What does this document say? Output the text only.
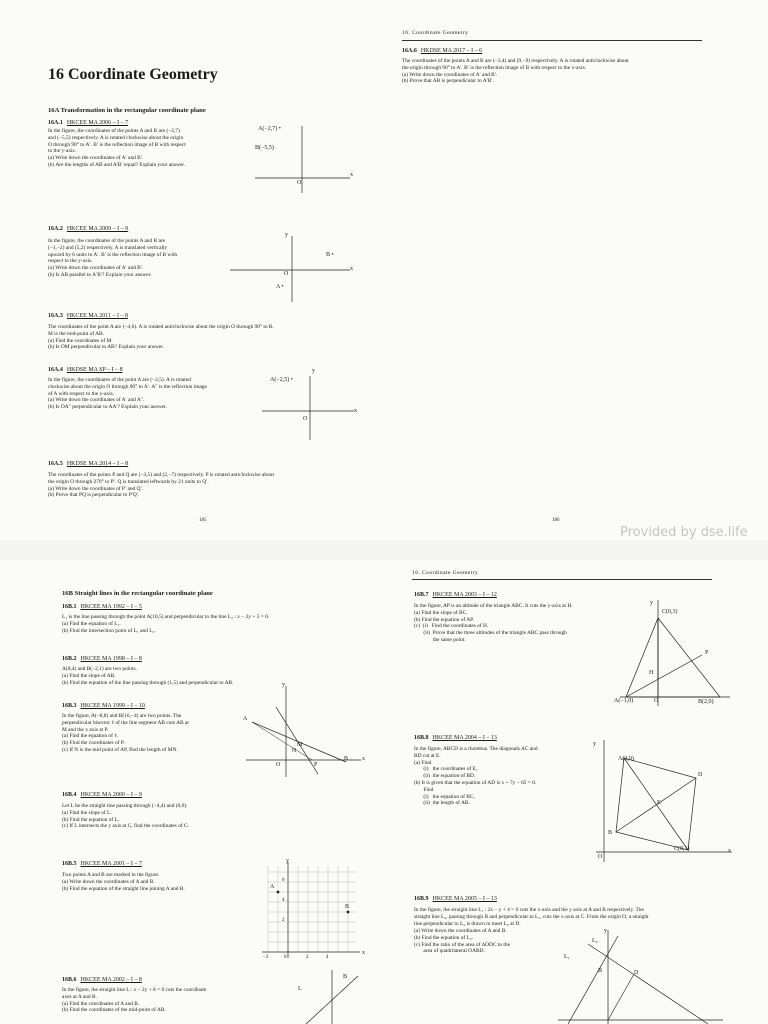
16 Coordinate Geometry
16A Transformation in the rectangular coordinate plane
16A.1 HKCEE MA 2006 – I – 7
In the figure, the coordinates of the points A and B are (−2,7)
and (−5,5) respectively. A is rotated clockwise about the origin
O through 90° to A′. B′ is the reflection image of B with respect
to the y-axis.
(a) Write down the coordinates of A′ and B′.
(b) Are the lengths of AB and A′B′ equal? Explain your answer.
A(−2,7) •
B(−5,5)
x
O
16A.2 HKCEE MA 2009 – I – 9
In the figure, the coordinates of the points A and B are
(−1,−2) and (5,2) respectively. A is translated vertically
upward by 6 units to A′. B′ is the reflection image of B with
respect to the y-axis.
(a) Write down the coordinates of A′ and B′.
(b) Is AB parallel to A′B′? Explain your answer.
y
B •
x
O
A •
16A.3 HKCEE MA 2011 – I – 8
The coordinates of the point A are (−4,6). A is rotated anticlockwise about the origin O through 90° to B.
M is the mid-point of AB.
(a) Find the coordinates of M.
(b) Is OM perpendicular to AB? Explain your answer.
16A.4 HKDSE MA SP – I – 8
In the figure, the coordinates of the point A are (−2,5). A is rotated
clockwise about the origin O through 90° to A′. A″ is the reflection image
of A with respect to the y-axis.
(a) Write down the coordinates of A′ and A″.
(b) Is OA″ perpendicular to AA′? Explain your answer.
A(−2,5) •
y
x
O
16A.5 HKDSE MA 2014 – I – 8
The coordinates of the points P and Q are (−3,5) and (2,−7) respectively. P is rotated anticlockwise about
the origin O through 270° to P′. Q is translated leftwards by 21 units to Q′.
(a) Write down the coordinates of P′ and Q′.
(b) Prove that PQ is perpendicular to P′Q′.
185
16. Coordinate Geometry
16A.6 HKDSE MA 2017 – I – 6
The coordinates of the points A and B are (−3,4) and (9,−9) respectively. A is rotated anticlockwise about
the origin through 90° to A′. B′ is the reflection image of B with respect to the x-axis.
(a) Write down the coordinates of A′ and B′.
(b) Prove that AB is perpendicular to A′B′.
186
Provided by dse.life
16B Straight lines in the rectangular coordinate plane
16B.1 HKCEE MA 1992 – I – 5
L₁ is the line passing through the point A(10,5) and perpendicular to the line L₂ : x − 2y + 5 = 0.
(a) Find the equation of L₁.
(b) Find the intersection point of L₁ and L₂.
16B.2 HKCEE MA 1998 – I – 8
A(0,4) and B(−2,1) are two points.
(a) Find the slope of AB.
(b) Find the equation of the line passing through (1,5) and perpendicular to AB.
16B.3 HKCEE MA 1999 – I – 10
In the figure, A(−8,8) and B(16,−4) are two points. The
perpendicular bisector ℓ of the line segment AB cuts AB at
M and the x axis at P.
(a) Find the equation of ℓ.
(b) Find the coordinates of P.
(c) If N is the mid point of AP, find the length of MN.
y
A
M
N
O	P
B x
16B.4 HKCEE MA 2000 – I – 9
Let L be the straight line passing through (−4,4) and (6,0).
(a) Find the slope of L.
(b) Find the equation of L.
(c) If L intersects the y axis at C, find the coordinates of C.
16B.5 HKCEE MA 2001 – I – 7
Two points A and B are marked in the figure.
(a) Write down the coordinates of A and B.
(b) Find the equation of the straight line joining A and B.
y
A
B
x
6
4
2
−2	0	2	4
16B.6 HKCEE MA 2002 – I – 8
In the figure, the straight line L : x − 2y + 8 = 0 cuts the coordinate
axes at A and B.
(a) Find the coordinates of A and B.
(b) Find the coordinates of the mid-point of AB.
L
B
16. Coordinate Geometry
16B.7 HKCEE MA 2003 – I – 12
In the figure, AP is an altitude of the triangle ABC. It cuts the y-axis at H.
(a) Find the slope of BC.
(b) Find the equation of AP.
(c)  (i)   Find the coordinates of H.
(ii)  Prove that the three altitudes of the triangle ABC pass through
the same point.
y
C(0,3)
P
H
A(−1,0)	O	B(2,0)
16B.8 HKCEE MA 2004 – I – 13
In the figure, ABCD is a rhombus. The diagonals AC and
BD cut at E.
(a) Find
(i)   the coordinates of E,
(ii)  the equation of BD.
(b) It is given that the equation of AD is x + 7y − 65 = 0.
Find
(i)   the equation of BC,
(ii)  the length of AB.
y
A(2,9)
D
E
B
C(8,1)
O
x
16B.9 HKCEE MA 2005 – I – 13
In the figure, the straight line L₁ : 2x − y + 4 = 0 cuts the x-axis and the y axis at A and B respectively. The
straight line L₂, passing through B and perpendicular to L₁, cuts the x-axis at C. From the origin O, a straight
line perpendicular to L₂ is drawn to meet L₂ at D.
(a) Write down the coordinates of A and B.
(b) Find the equation of L₂.
(c) Find the ratio of the area of ΔODC to the
area of quadrilateral OABD.
y
L₁
L₂
B	D
